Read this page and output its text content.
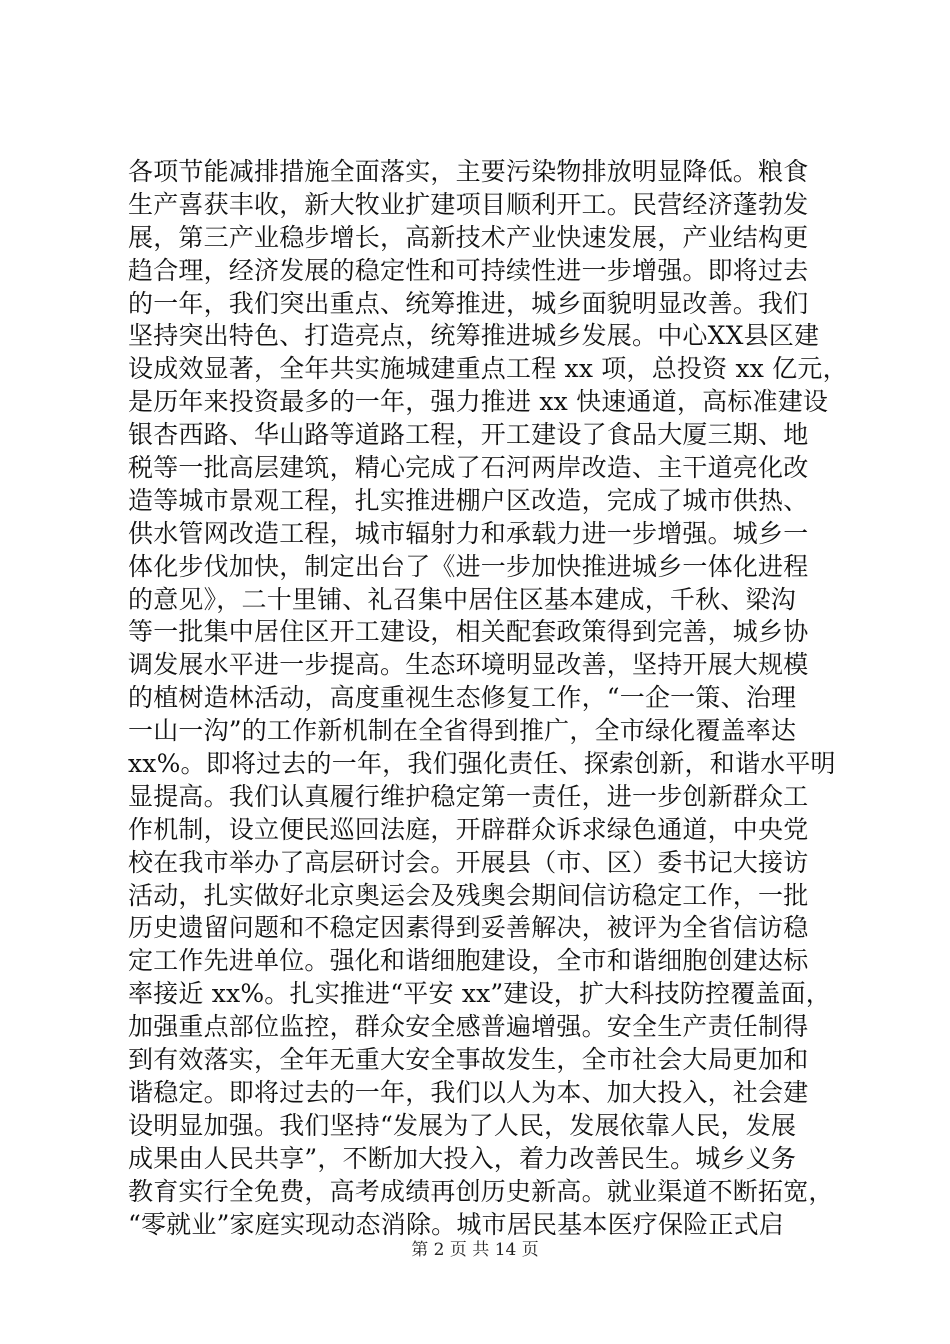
各项节能减排措施全面落实，主要污染物排放明显降低。粮食
生产喜获丰收，新大牧业扩建项目顺利开工。民营经济蓬勃发
展，第三产业稳步增长，高新技术产业快速发展，产业结构更
趋合理，经济发展的稳定性和可持续性进一步增强。即将过去
的一年，我们突出重点、统筹推进，城乡面貌明显改善。我们
坚持突出特色、打造亮点，统筹推进城乡发展。中心XX县区建
设成效显著，全年共实施城建重点工程 xx 项，总投资 xx 亿元，
是历年来投资最多的一年，强力推进 xx 快速通道，高标准建设
银杏西路、华山路等道路工程，开工建设了食品大厦三期、地
税等一批高层建筑，精心完成了石河两岸改造、主干道亮化改
造等城市景观工程，扎实推进棚户区改造，完成了城市供热、
供水管网改造工程，城市辐射力和承载力进一步增强。城乡一
体化步伐加快，制定出台了《进一步加快推进城乡一体化进程
的意见》，二十里铺、礼召集中居住区基本建成，千秋、梁沟
等一批集中居住区开工建设，相关配套政策得到完善，城乡协
调发展水平进一步提高。生态环境明显改善，坚持开展大规模
的植树造林活动，高度重视生态修复工作，“一企一策、治理
一山一沟”的工作新机制在全省得到推广，全市绿化覆盖率达
xx%。即将过去的一年，我们强化责任、探索创新，和谐水平明
显提高。我们认真履行维护稳定第一责任，进一步创新群众工
作机制，设立便民巡回法庭，开辟群众诉求绿色通道，中央党
校在我市举办了高层研讨会。开展县（市、区）委书记大接访
活动，扎实做好北京奥运会及残奥会期间信访稳定工作，一批
历史遗留问题和不稳定因素得到妥善解决，被评为全省信访稳
定工作先进单位。强化和谐细胞建设，全市和谐细胞创建达标
率接近 xx%。扎实推进“平安 xx”建设，扩大科技防控覆盖面，
加强重点部位监控，群众安全感普遍增强。安全生产责任制得
到有效落实，全年无重大安全事故发生，全市社会大局更加和
谐稳定。即将过去的一年，我们以人为本、加大投入，社会建
设明显加强。我们坚持“发展为了人民，发展依靠人民，发展
成果由人民共享”，不断加大投入，着力改善民生。城乡义务
教育实行全免费，高考成绩再创历史新高。就业渠道不断拓宽，
“零就业”家庭实现动态消除。城市居民基本医疗保险正式启
第 2 页 共 14 页
